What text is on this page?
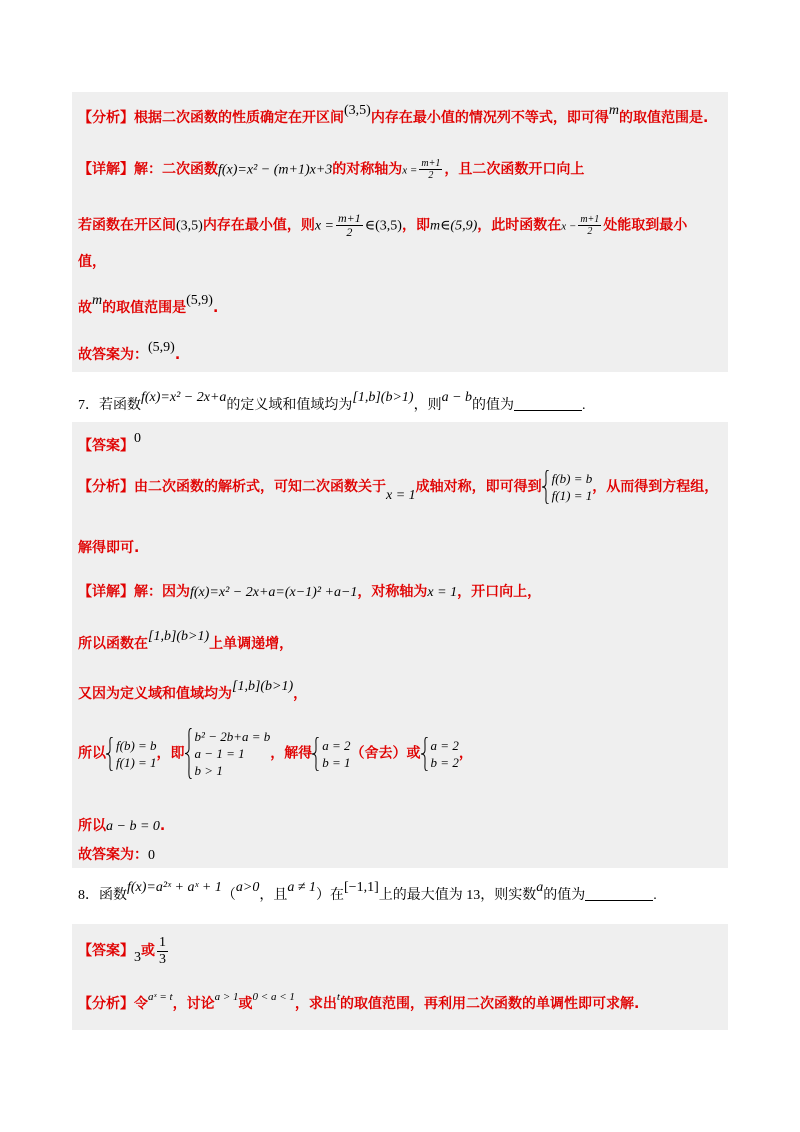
【分析】根据二次函数的性质确定在开区间(3,5)内存在最小值的情况列不等式，即可得m的取值范围是.
【详解】解：二次函数f(x)=x² − (m+1)x+3的对称轴为$x = \frac{m+1}{2}$ ，且二次函数开口向上
若函数在开区间(3,5)内存在最小值，则$x = \frac{m+1}{2}$ ∈(3,5)，即m∈(5,9)，此时函数在$x - \frac{m+1}{2}$ 处能取到最小
值，
故m的取值范围是(5,9).
故答案为：(5,9).
7．若函数f(x)=x² − 2x+a的定义域和值域均为[1,b](b>1)，则a − b的值为	.
【答案】0
【分析】由二次函数的解析式，可知二次函数关于x = 1成轴对称，即可得到
f(b) = b
f(1) = 1
，从而得到方程组，
解得即可.
【详解】解：因为f(x)=x² − 2x+a=(x−1)² +a−1，对称轴为x = 1，开口向上，
所以函数在[1,b](b>1)上单调递增，
又因为定义域和值域均为[1,b](b>1)，
所以
f(b) = b
f(1) = 1
，即
b² − 2b+a = b
a − 1 = 1
b > 1
，解得
a = 2
b = 1
（舍去）或
a = 2
b = 2
，
所以a − b = 0.
故答案为：0
8．函数f(x)=a²ˣ + aˣ + 1（a>0，且a ≠ 1）在[−1,1]上的最大值为 13，则实数a的值为	.
【答案】3或 $\frac{1}{3}$
【分析】令$^{aˣ = t}$，讨论$^{a > 1}$或$^{0 < a < 1}$，求出$^t$的取值范围，再利用二次函数的单调性即可求解.
